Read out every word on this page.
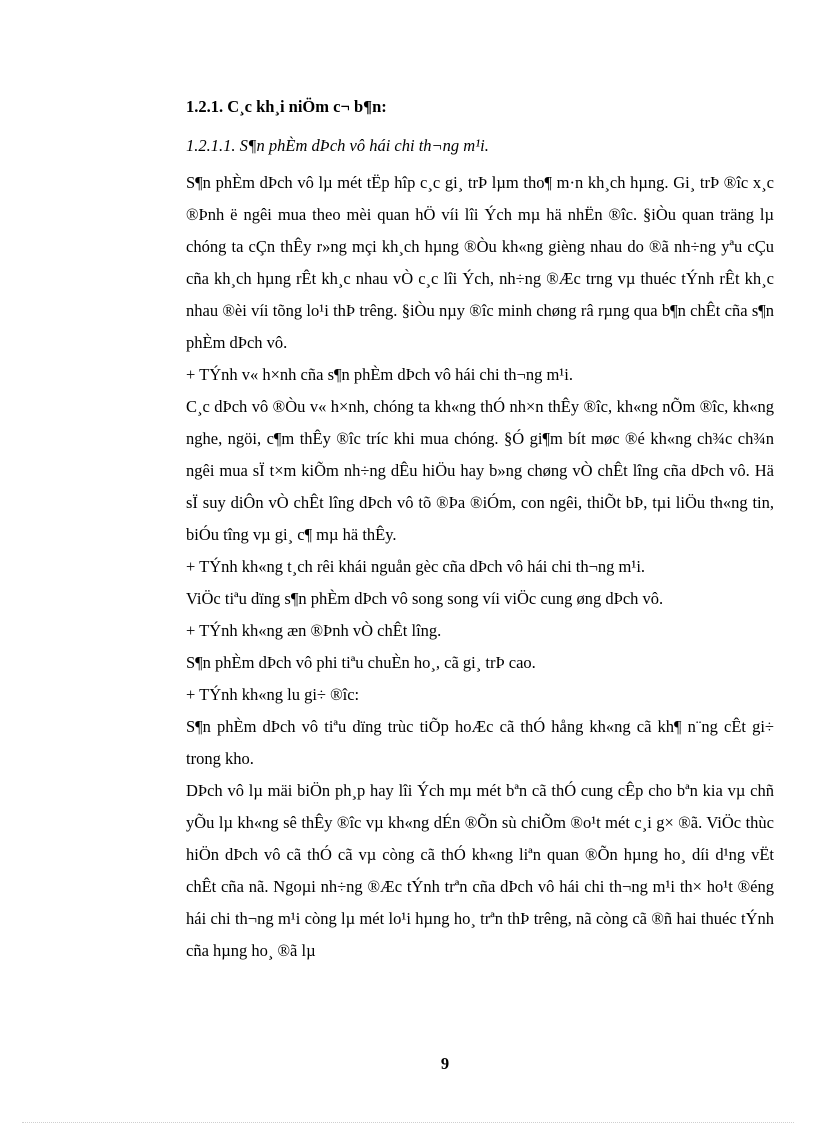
1.2.1. C¸c kh¸i niÖm c¬ b¶n:
1.2.1.1. S¶n phÈm dÞch vô hái chi th¬ng m¹i.

S¶n phÈm dÞch vô lµ mét tËp hîp c¸c gi¸ trÞ lµm tho¶ m·n kh¸ch hµng. Gi¸ trÞ ®îc x¸c ®Þnh ë ngêi mua theo mèi quan hÖ víi lîi Ých mµ hä nhËn ®îc. §iÒu quan träng lµ chóng ta cÇn thÊy r»ng mçi kh¸ch hµng ®Òu kh«ng gièng nhau do ®ã nh÷ng yªu cÇu cña kh¸ch hµng rÊt kh¸c nhau vÒ c¸c lîi Ých, nh÷ng ®Æc trng vµ thuéc tÝnh rÊt kh¸c nhau ®èi víi tõng lo¹i thÞ trêng. §iÒu nµy ®îc minh chøng râ rµng qua b¶n chÊt cña s¶n phÈm dÞch vô.

+ TÝnh v« h×nh cña s¶n phÈm dÞch vô hái chi th¬ng m¹i.

C¸c dÞch vô ®Òu v« h×nh, chóng ta kh«ng thÓ nh×n thÊy ®îc, kh«ng nÕm ®îc, kh«ng nghe, ngöi, c¶m thÊy ®îc tríc khi mua chóng. §Ó gi¶m bít møc ®é kh«ng ch¾c ch¾n ngêi mua sÏ t×m kiÕm nh÷ng dÊu hiÖu hay b»ng chøng vÒ chÊt lîng cña dÞch vô. Hä sÏ suy diÔn vÒ chÊt lîng dÞch vô tõ ®Þa ®iÓm, con ngêi, thiÕt bÞ, tµi liÖu th«ng tin, biÓu tîng vµ gi¸ c¶ mµ hä thÊy.

+ TÝnh kh«ng t¸ch rêi khái nguån gèc cña dÞch vô hái chi th¬ng m¹i.

ViÖc tiªu dïng s¶n phÈm dÞch vô song song víi viÖc cung øng dÞch vô.

+ TÝnh kh«ng æn ®Þnh vÒ chÊt lîng.

S¶n phÈm dÞch vô phi tiªu chuÈn ho¸, cã gi¸ trÞ cao.

+ TÝnh kh«ng lu gi÷ ®îc:

S¶n phÈm dÞch vô tiªu dïng trùc tiÕp hoÆc cã thÓ hång kh«ng cã kh¶ n¨ng cÊt gi÷ trong kho.

DÞch vô lµ mäi biÖn ph¸p hay lîi Ých mµ mét bªn cã thÓ cung cÊp cho bªn kia vµ chñ yÕu lµ kh«ng sê thÊy ®îc vµ kh«ng dÉn ®Õn sù chiÕm ®o¹t mét c¸i g× ®ã. ViÖc thùc hiÖn dÞch vô cã thÓ cã vµ còng cã thÓ kh«ng liªn quan ®Õn hµng ho¸ díi d¹ng vËt chÊt cña nã. Ngoµi nh÷ng ®Æc tÝnh trªn cña dÞch vô hái chi th¬ng m¹i th× ho¹t ®éng hái chi th¬ng m¹i còng lµ mét lo¹i hµng ho¸ trªn thÞ trêng, nã còng cã ®ñ hai thuéc tÝnh cña hµng ho¸ ®ã lµ

9
